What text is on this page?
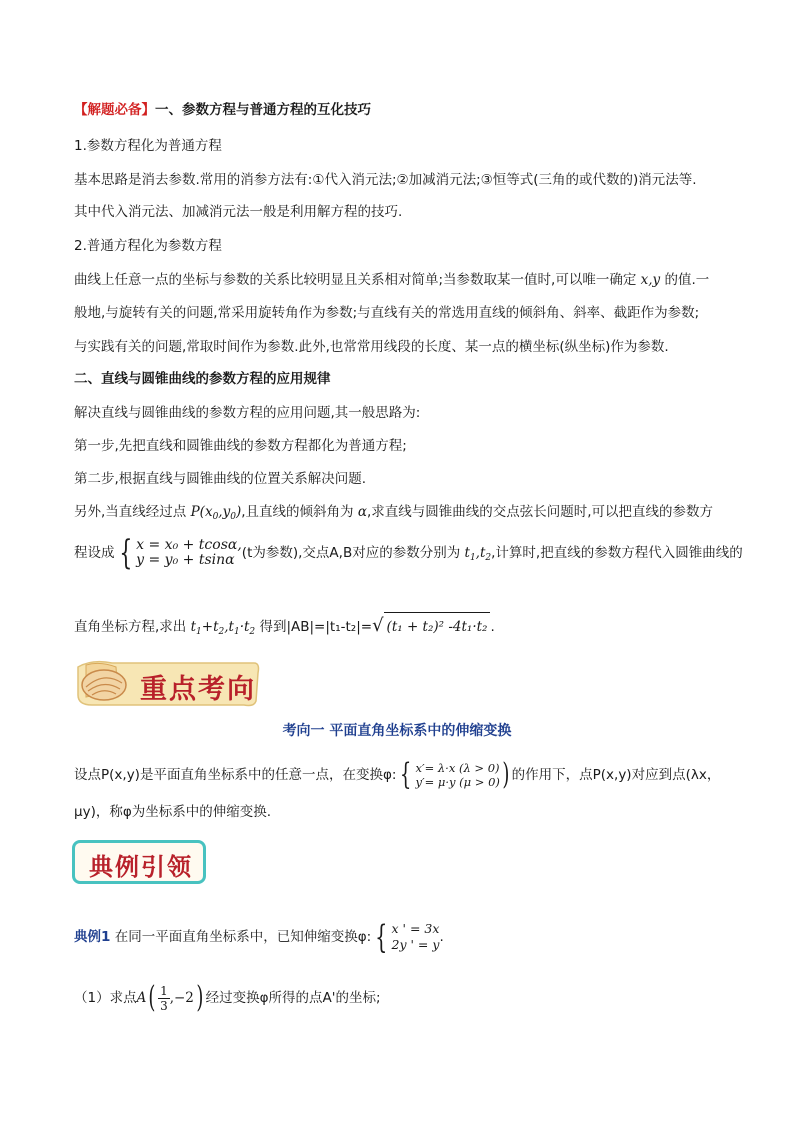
【解题必备】一、参数方程与普通方程的互化技巧
1.参数方程化为普通方程
基本思路是消去参数.常用的消参方法有:①代入消元法;②加减消元法;③恒等式(三角的或代数的)消元法等.
其中代入消元法、加减消元法一般是利用解方程的技巧.
2.普通方程化为参数方程
曲线上任意一点的坐标与参数的关系比较明显且关系相对简单;当参数取某一值时,可以唯一确定 x,y 的值.一
般地,与旋转有关的问题,常采用旋转角作为参数;与直线有关的常选用直线的倾斜角、斜率、截距作为参数;
与实践有关的问题,常取时间作为参数.此外,也常常用线段的长度、某一点的横坐标(纵坐标)作为参数.
二、直线与圆锥曲线的参数方程的应用规律
解决直线与圆锥曲线的参数方程的应用问题,其一般思路为:
第一步,先把直线和圆锥曲线的参数方程都化为普通方程;
第二步,根据直线与圆锥曲线的位置关系解决问题.
另外,当直线经过点 $P(x_0,y_0)$,且直线的倾斜角为 α,求直线与圆锥曲线的交点弦长问题时,可以把直线的参数方
程设成 { x = x₀ + tcosα,
y = y₀ + tsinα (t为参数),交点A,B对应的参数分别为 $t_1,t_2$,计算时,把直线的参数方程代入圆锥曲线的
直角坐标方程,求出 $t_1+t_2,t_1\cdot t_2$ 得到|AB|=|t₁-t₂|=√ (t₁ + t₂)² -4t₁·t₂ .
重点考向
考向一 平面直角坐标系中的伸缩变换
设点P(x,y)是平面直角坐标系中的任意一点，在变换φ: { x′= λ·x (λ > 0)
y′= μ·y (μ > 0) ) 的作用下，点P(x,y)对应到点(λx，
μy)，称φ为坐标系中的伸缩变换.
典例引领
典例1 在同一平面直角坐标系中，已知伸缩变换φ: { x ' = 3x
2y ' = y .
（1）求点$A( \frac{1}{3} ,-2)$ 经过变换φ所得的点A'的坐标;
